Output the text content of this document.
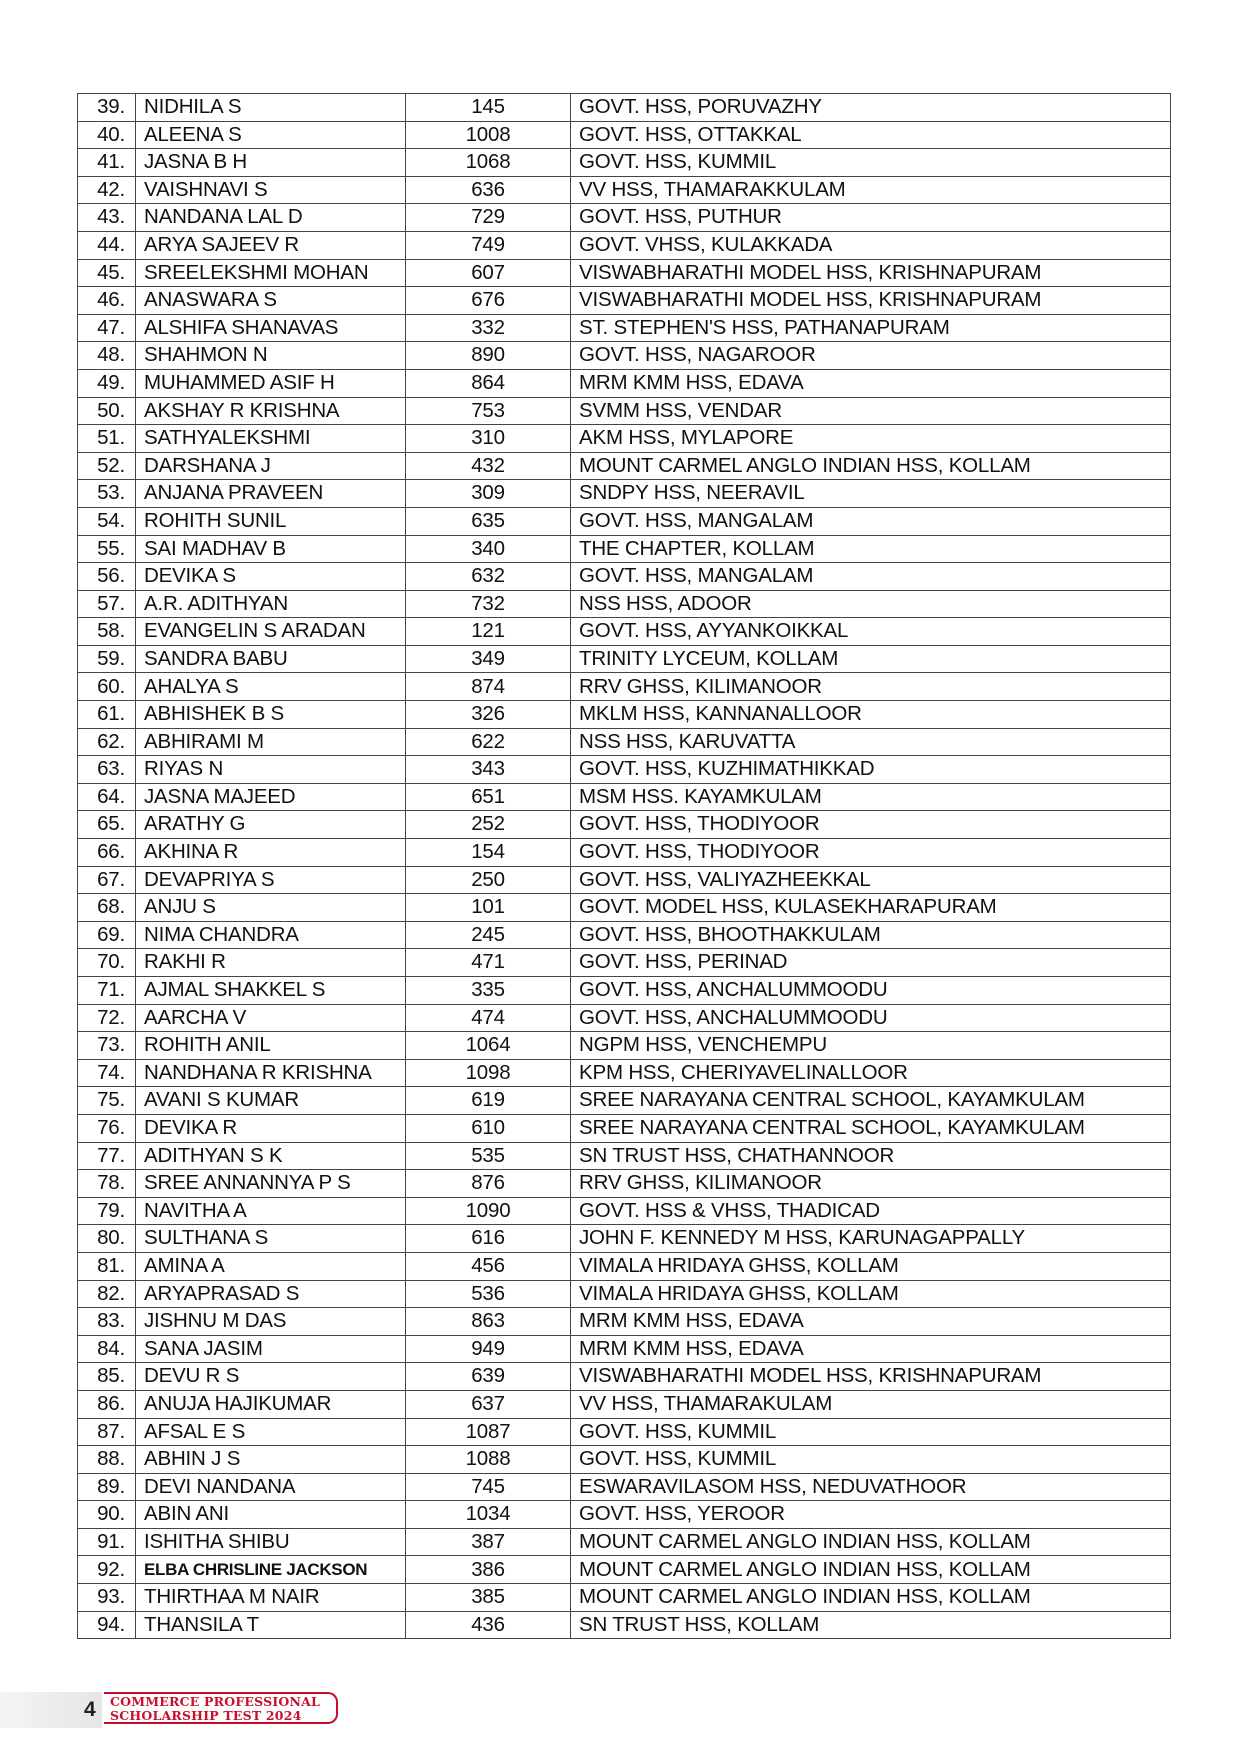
39.	NIDHILA S	145	GOVT. HSS, PORUVAZHY
40.	ALEENA S	1008	GOVT. HSS, OTTAKKAL
41.	JASNA B H	1068	GOVT. HSS, KUMMIL
42.	VAISHNAVI S	636	VV HSS, THAMARAKKULAM
43.	NANDANA LAL D	729	GOVT. HSS, PUTHUR
44.	ARYA SAJEEV R	749	GOVT. VHSS, KULAKKADA
45.	SREELEKSHMI MOHAN	607	VISWABHARATHI MODEL HSS, KRISHNAPURAM
46.	ANASWARA S	676	VISWABHARATHI MODEL HSS, KRISHNAPURAM
47.	ALSHIFA SHANAVAS	332	ST. STEPHEN'S HSS, PATHANAPURAM
48.	SHAHMON N	890	GOVT. HSS, NAGAROOR
49.	MUHAMMED ASIF H	864	MRM KMM HSS, EDAVA
50.	AKSHAY R KRISHNA	753	SVMM HSS, VENDAR
51.	SATHYALEKSHMI	310	AKM HSS, MYLAPORE
52.	DARSHANA J	432	MOUNT CARMEL ANGLO INDIAN HSS, KOLLAM
53.	ANJANA PRAVEEN	309	SNDPY HSS, NEERAVIL
54.	ROHITH SUNIL	635	GOVT. HSS, MANGALAM
55.	SAI MADHAV B	340	THE CHAPTER, KOLLAM
56.	DEVIKA S	632	GOVT. HSS, MANGALAM
57.	A.R. ADITHYAN	732	NSS HSS, ADOOR
58.	EVANGELIN S ARADAN	121	GOVT. HSS, AYYANKOIKKAL
59.	SANDRA BABU	349	TRINITY LYCEUM, KOLLAM
60.	AHALYA S	874	RRV GHSS, KILIMANOOR
61.	ABHISHEK B S	326	MKLM HSS, KANNANALLOOR
62.	ABHIRAMI M	622	NSS HSS, KARUVATTA
63.	RIYAS N	343	GOVT. HSS, KUZHIMATHIKKAD
64.	JASNA MAJEED	651	MSM HSS. KAYAMKULAM
65.	ARATHY G	252	GOVT. HSS, THODIYOOR
66.	AKHINA R	154	GOVT. HSS, THODIYOOR
67.	DEVAPRIYA S	250	GOVT. HSS, VALIYAZHEEKKAL
68.	ANJU S	101	GOVT. MODEL HSS, KULASEKHARAPURAM
69.	NIMA CHANDRA	245	GOVT. HSS, BHOOTHAKKULAM
70.	RAKHI R	471	GOVT. HSS, PERINAD
71.	AJMAL SHAKKEL S	335	GOVT. HSS, ANCHALUMMOODU
72.	AARCHA V	474	GOVT. HSS, ANCHALUMMOODU
73.	ROHITH ANIL	1064	NGPM HSS, VENCHEMPU
74.	NANDHANA R KRISHNA	1098	KPM HSS, CHERIYAVELINALLOOR
75.	AVANI S KUMAR	619	SREE NARAYANA CENTRAL SCHOOL, KAYAMKULAM
76.	DEVIKA R	610	SREE NARAYANA CENTRAL SCHOOL, KAYAMKULAM
77.	ADITHYAN S K	535	SN TRUST HSS, CHATHANNOOR
78.	SREE ANNANNYA P S	876	RRV GHSS, KILIMANOOR
79.	NAVITHA A	1090	GOVT. HSS & VHSS, THADICAD
80.	SULTHANA S	616	JOHN F. KENNEDY M HSS, KARUNAGAPPALLY
81.	AMINA A	456	VIMALA HRIDAYA GHSS, KOLLAM
82.	ARYAPRASAD S	536	VIMALA HRIDAYA GHSS, KOLLAM
83.	JISHNU M DAS	863	MRM KMM HSS, EDAVA
84.	SANA JASIM	949	MRM KMM HSS, EDAVA
85.	DEVU R S	639	VISWABHARATHI MODEL HSS, KRISHNAPURAM
86.	ANUJA HAJIKUMAR	637	VV HSS, THAMARAKULAM
87.	AFSAL E S	1087	GOVT. HSS, KUMMIL
88.	ABHIN J S	1088	GOVT. HSS, KUMMIL
89.	DEVI NANDANA	745	ESWARAVILASOM HSS, NEDUVATHOOR
90.	ABIN ANI	1034	GOVT. HSS, YEROOR
91.	ISHITHA SHIBU	387	MOUNT CARMEL ANGLO INDIAN HSS, KOLLAM
92.	ELBA CHRISLINE JACKSON	386	MOUNT CARMEL ANGLO INDIAN HSS, KOLLAM
93.	THIRTHAA M NAIR	385	MOUNT CARMEL ANGLO INDIAN HSS, KOLLAM
94.	THANSILA T	436	SN TRUST HSS, KOLLAM
4 COMMERCE PROFESSIONAL
SCHOLARSHIP TEST 2024
